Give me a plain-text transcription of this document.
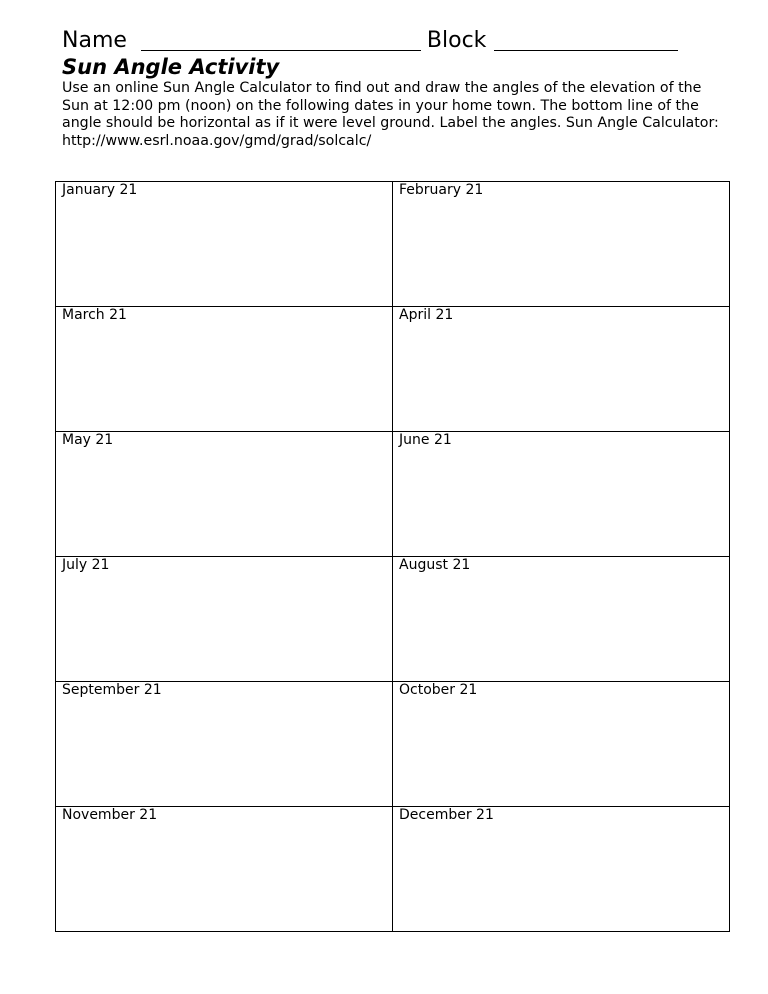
Name	Block
Sun Angle Activity

Use an online Sun Angle Calculator to find out and draw the angles of the elevation of the Sun at 12:00 pm (noon) on the following dates in your home town. The bottom line of the angle should be horizontal as if it were level ground. Label the angles. Sun Angle Calculator: http://www.esrl.noaa.gov/gmd/grad/solcalc/

January 21	February 21

March 21	April 21

May 21	June 21

July 21	August 21

September 21	October 21

November 21	December 21
